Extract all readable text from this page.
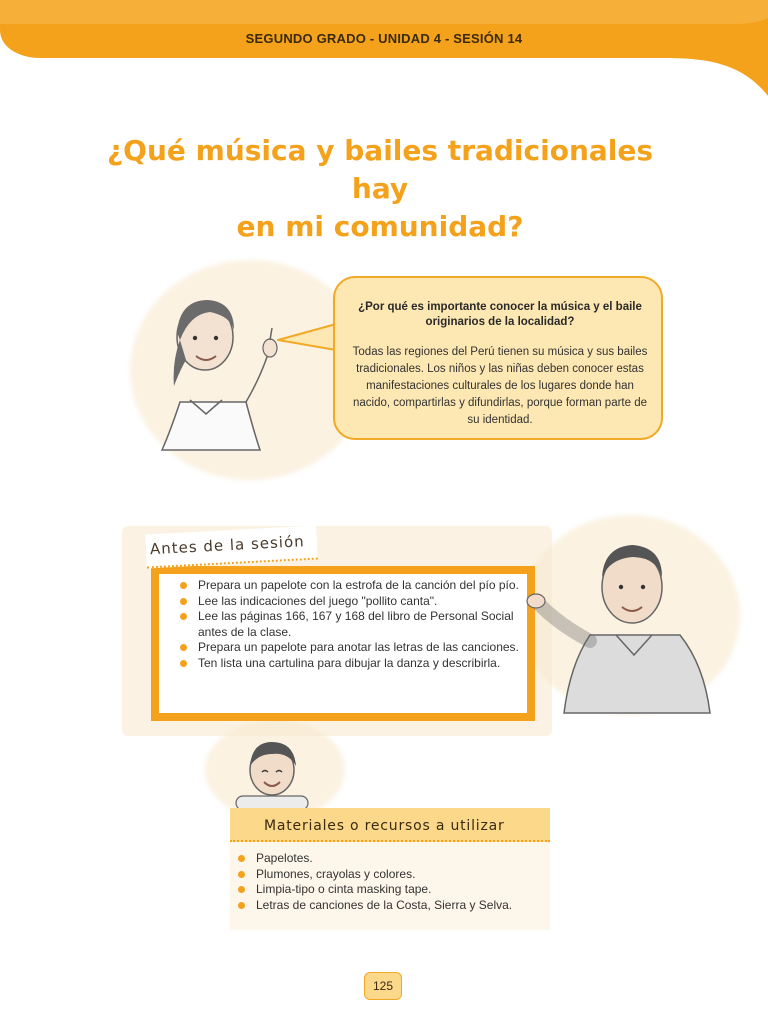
SEGUNDO GRADO - UNIDAD 4 - SESIÓN 14
¿Qué música y bailes tradicionales hay
en mi comunidad?
¿Por qué es importante conocer la música y el baile originarios de la localidad?
Todas las regiones del Perú tienen su música y sus bailes tradicionales. Los niños y las niñas deben conocer estas manifestaciones culturales de los lugares donde han nacido, compartirlas y difundirlas, porque forman parte de su identidad.
Antes de la sesión
Prepara un papelote con la estrofa de la canción del pío pío.
Lee las indicaciones del juego "pollito canta".
Lee las páginas 166, 167 y 168 del libro de Personal Social antes de la clase.
Prepara un papelote para anotar las letras de las canciones.
Ten lista una cartulina para dibujar la danza y describirla.
Materiales o recursos a utilizar
Papelotes.
Plumones, crayolas y colores.
Limpia-tipo o cinta masking tape.
Letras de canciones de la Costa, Sierra y Selva.
125
